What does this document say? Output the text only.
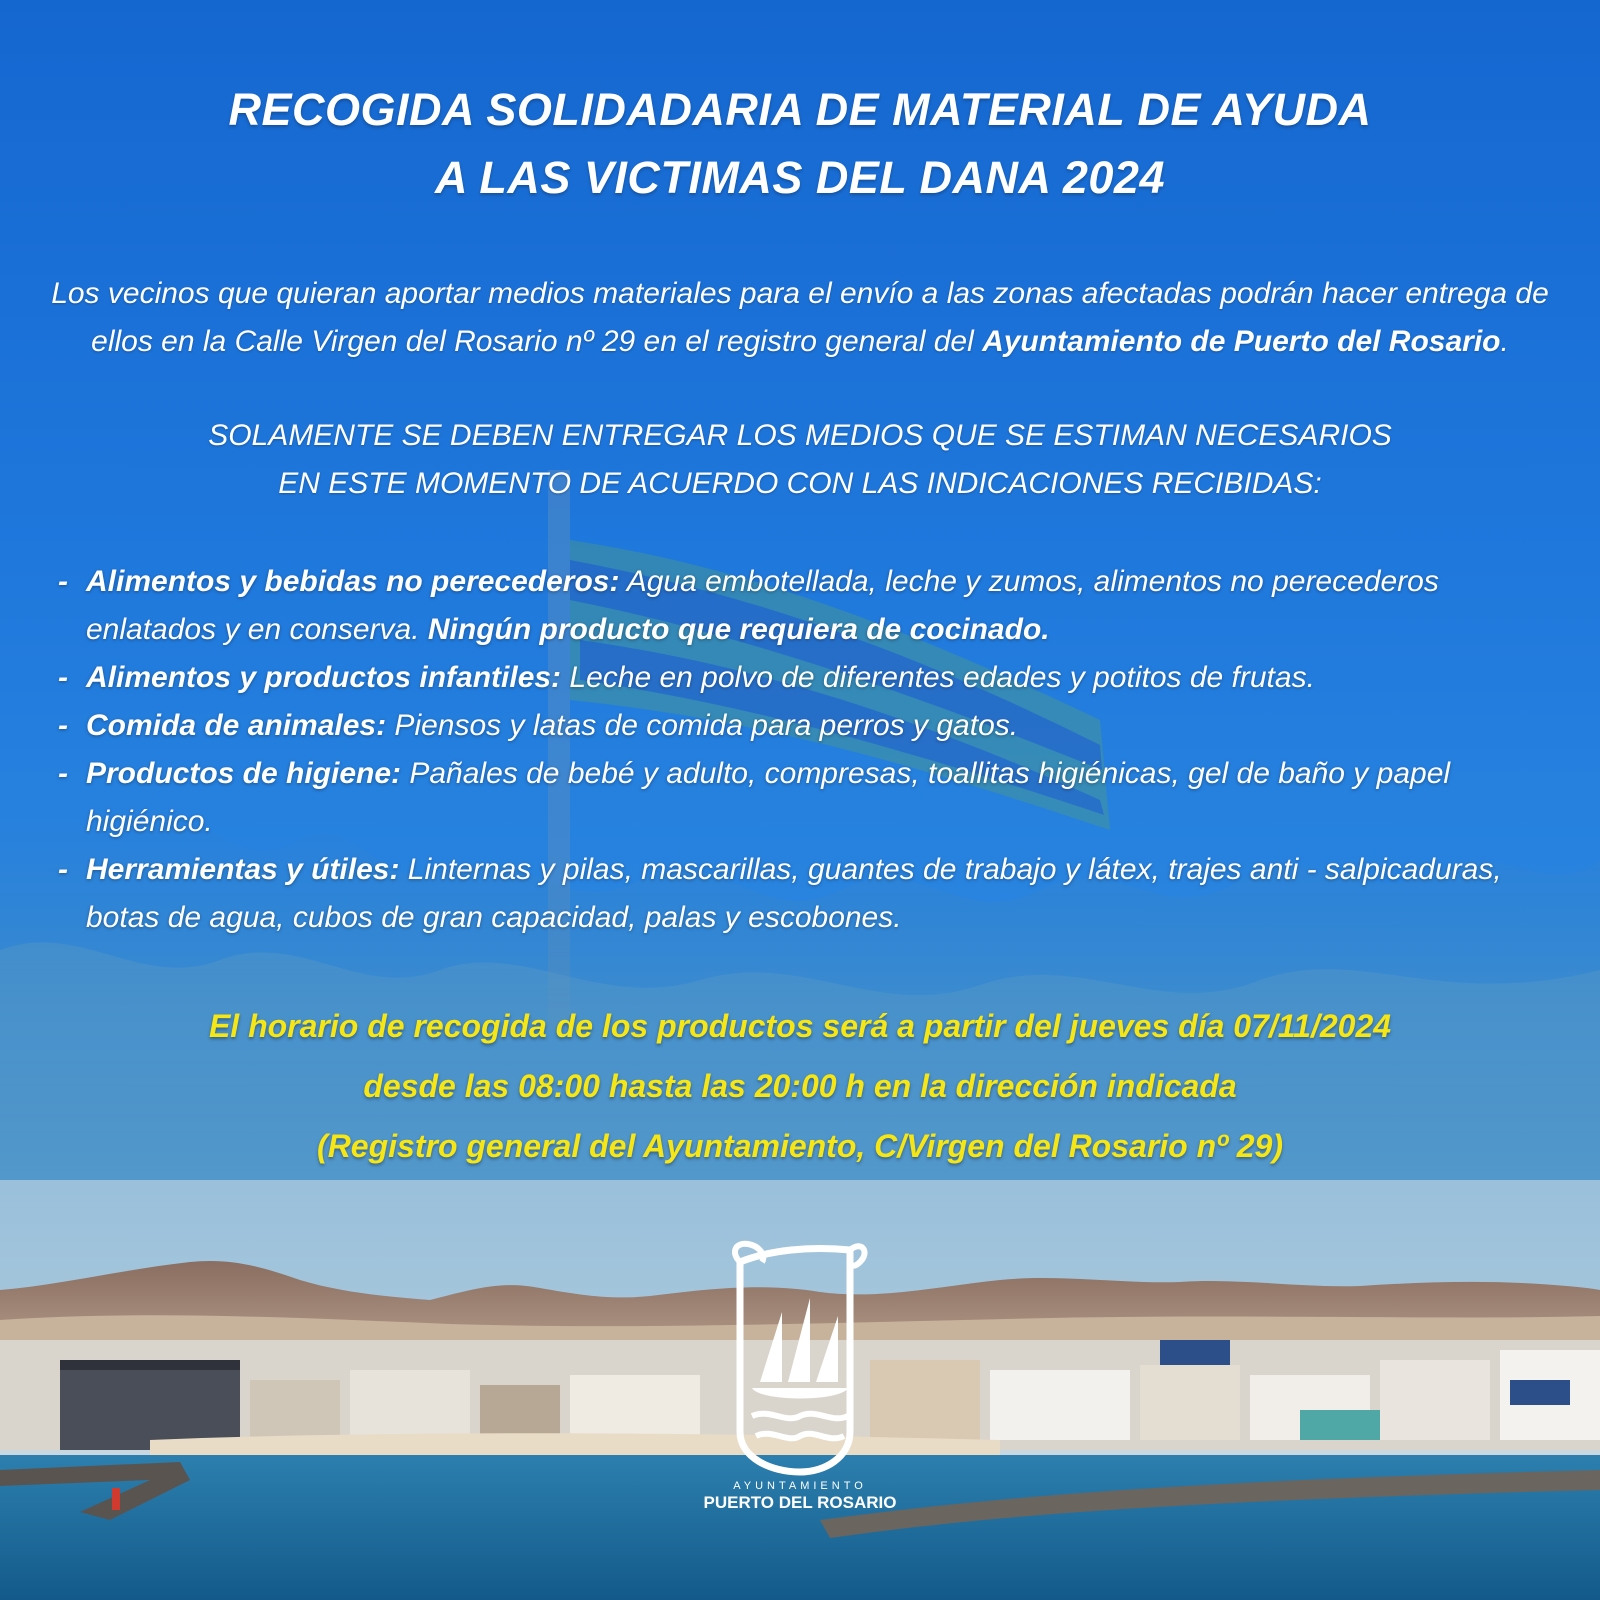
RECOGIDA SOLIDADARIA DE MATERIAL DE AYUDA
A LAS VICTIMAS DEL DANA 2024
Los vecinos que quieran aportar medios materiales para el envío a las zonas afectadas podrán hacer entrega de ellos en la Calle Virgen del Rosario nº 29 en el registro general del Ayuntamiento de Puerto del Rosario.
SOLAMENTE SE DEBEN ENTREGAR LOS MEDIOS QUE SE ESTIMAN NECESARIOS
EN ESTE MOMENTO DE ACUERDO CON LAS INDICACIONES RECIBIDAS:
- Alimentos y bebidas no perecederos: Agua embotellada, leche y zumos, alimentos no perecederos enlatados y en conserva. Ningún producto que requiera de cocinado.
- Alimentos y productos infantiles: Leche en polvo de diferentes edades y potitos de frutas.
- Comida de animales: Piensos y latas de comida para perros y gatos.
- Productos de higiene: Pañales de bebé y adulto, compresas, toallitas higiénicas, gel de baño y papel higiénico.
- Herramientas y útiles: Linternas y pilas, mascarillas, guantes de trabajo y látex, trajes anti - salpicaduras, botas de agua, cubos de gran capacidad, palas y escobones.
El horario de recogida de los productos será a partir del jueves día 07/11/2024
desde las 08:00 hasta las 20:00 h en la dirección indicada
(Registro general del Ayuntamiento, C/Virgen del Rosario nº 29)
AYUNTAMIENTO
PUERTO DEL ROSARIO
